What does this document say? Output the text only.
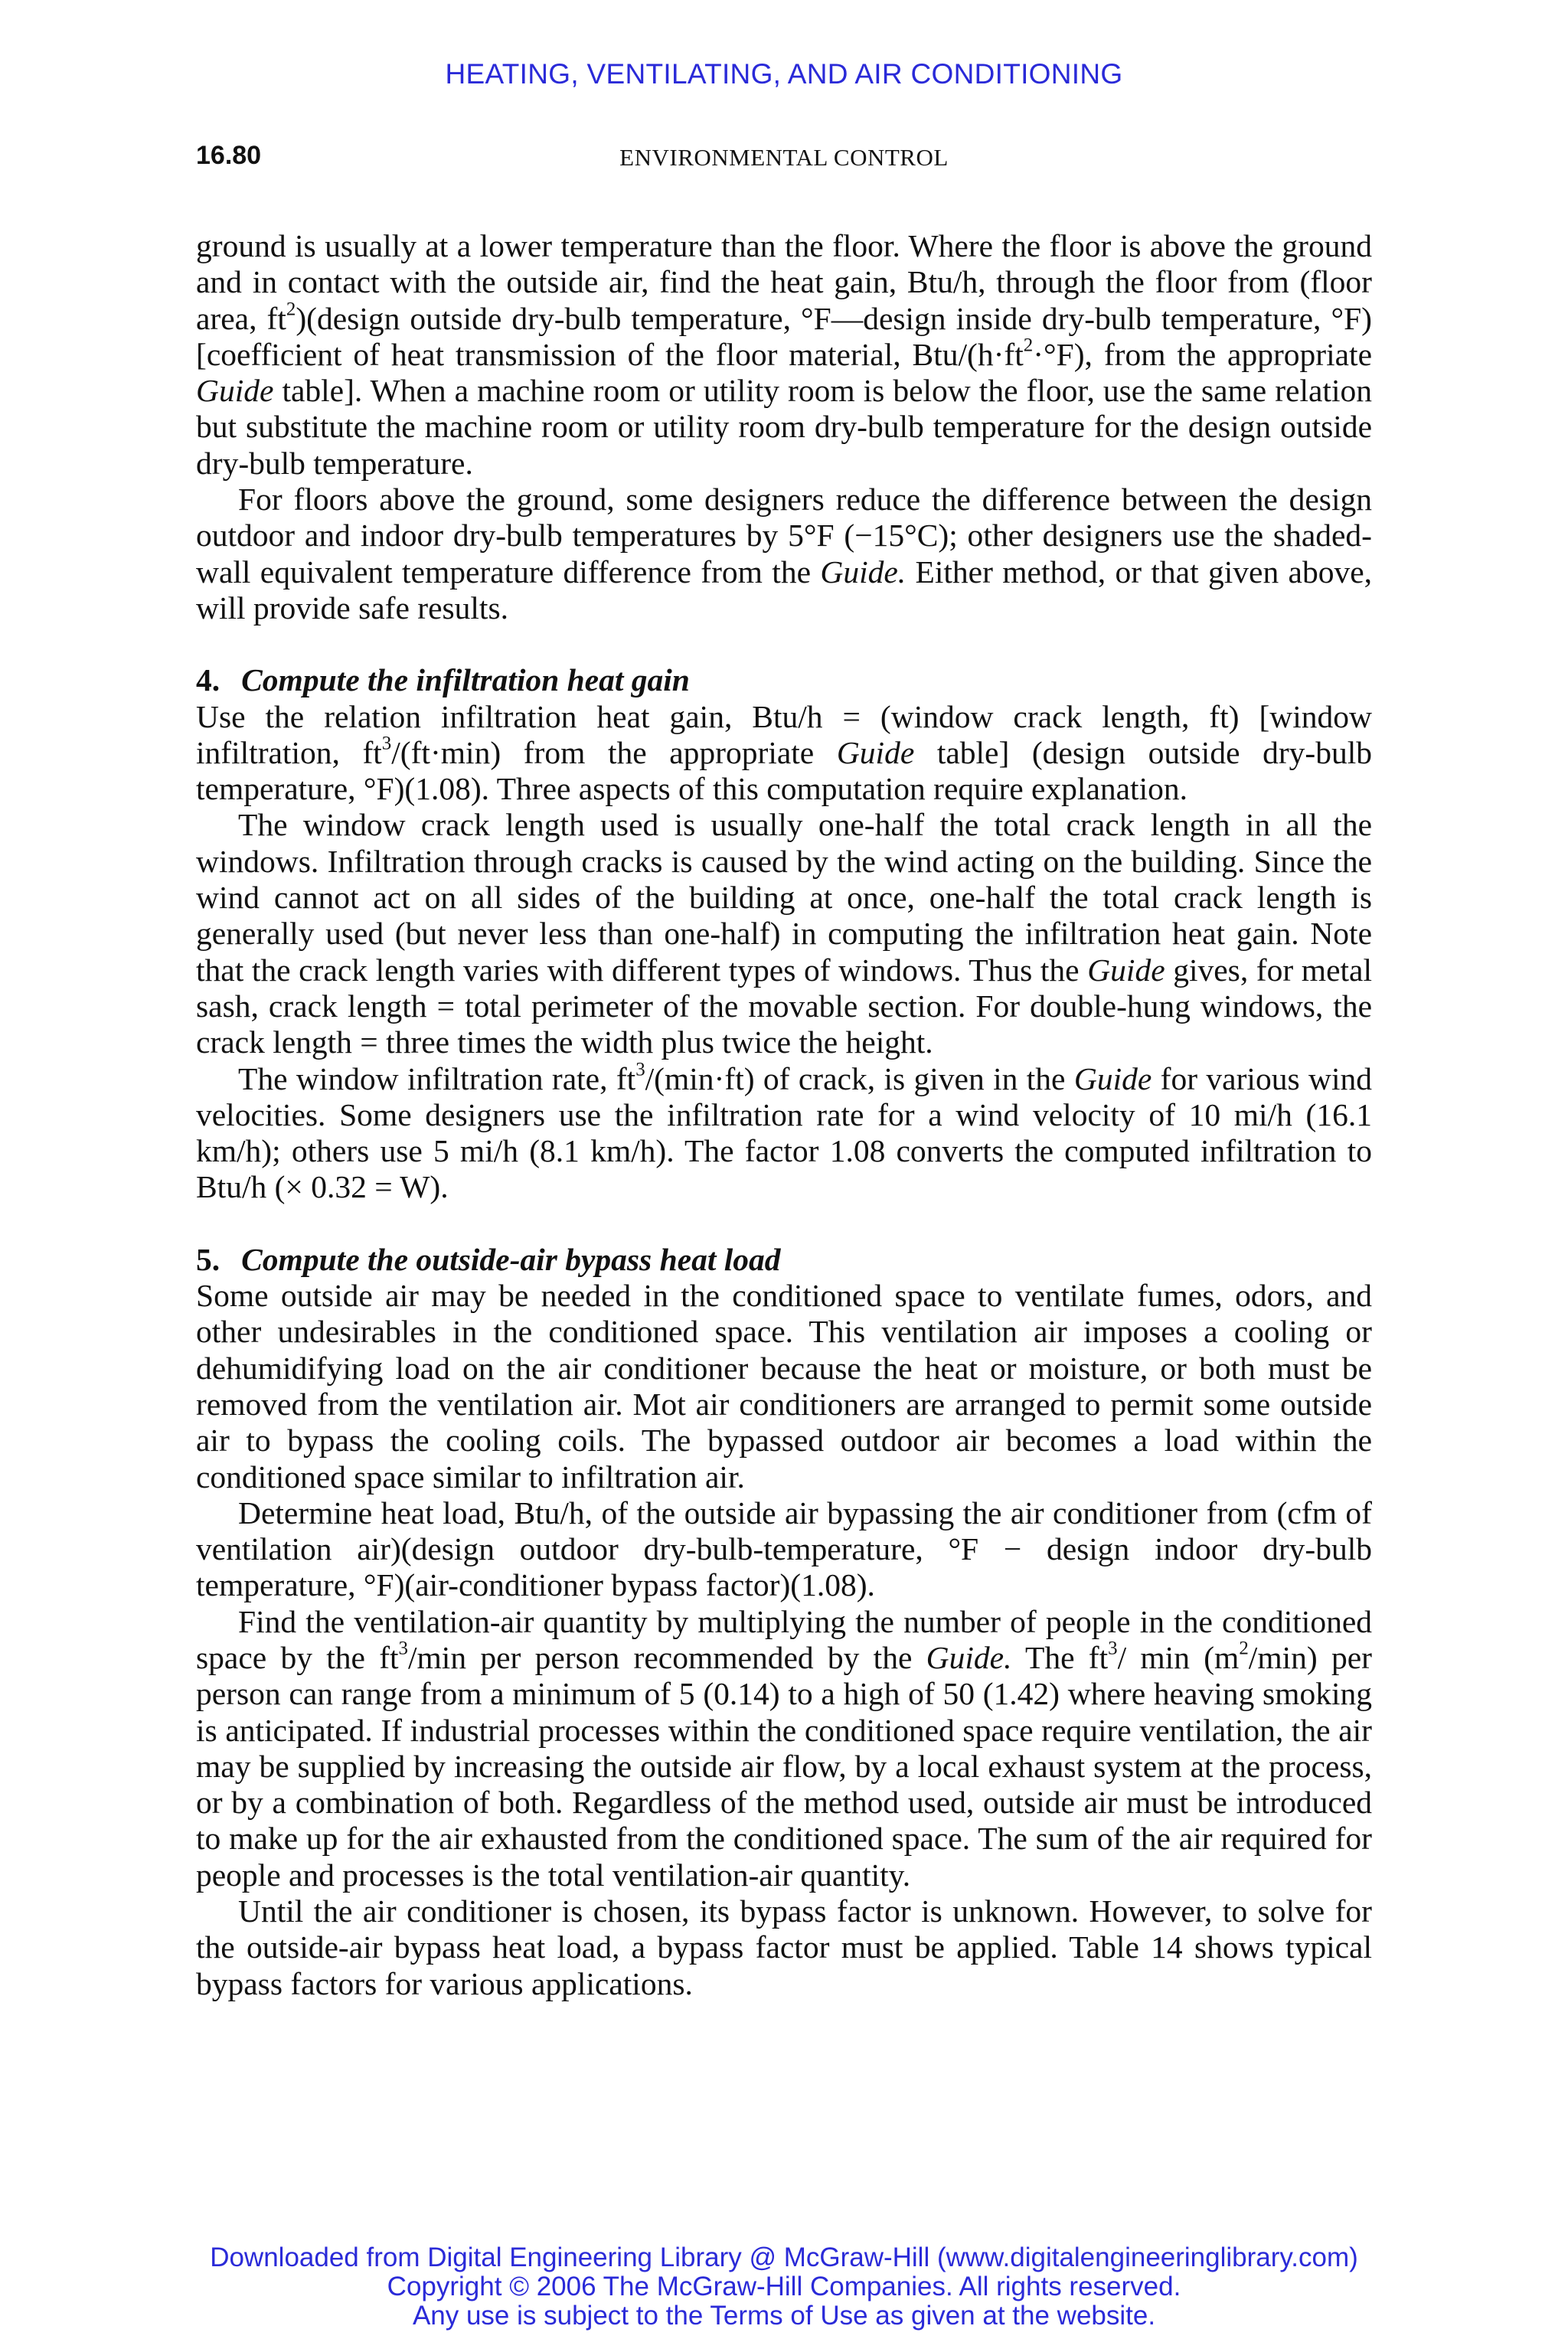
HEATING, VENTILATING, AND AIR CONDITIONING
16.80	ENVIRONMENTAL CONTROL

ground is usually at a lower temperature than the floor. Where the floor is above the ground and in contact with the outside air, find the heat gain, Btu/h, through the floor from (floor area, $ft^2)(design$ outside dry-bulb temperature, °F—design inside dry-bulb temperature, °F) [coefficient of heat transmission of the floor material, Btu/$(h\cdot ft^2\cdot^\circ F)$, from the appropriate Guide table]. When a machine room or utility room is below the floor, use the same relation but substitute the machine room or utility room dry-bulb temperature for the design outside dry-bulb temperature.

For floors above the ground, some designers reduce the difference between the design outdoor and indoor dry-bulb temperatures by 5°F (−15°C); other designers use the shaded-wall equivalent temperature difference from the Guide. Either method, or that given above, will provide safe results.

4. Compute the infiltration heat gain

Use the relation infiltration heat gain, Btu/h = (window crack length, ft) [window infiltration, $ft^3/(ft\cdot\min)$ from the appropriate Guide table] (design outside dry-bulb temperature, °F)(1.08). Three aspects of this computation require explanation.

The window crack length used is usually one-half the total crack length in all the windows. Infiltration through cracks is caused by the wind acting on the building. Since the wind cannot act on all sides of the building at once, one-half the total crack length is generally used (but never less than one-half) in computing the infiltration heat gain. Note that the crack length varies with different types of windows. Thus the Guide gives, for metal sash, crack length = total perimeter of the movable section. For double-hung windows, the crack length = three times the width plus twice the height.

The window infiltration rate, $ft^3/(\min\cdot ft)$ of crack, is given in the Guide for various wind velocities. Some designers use the infiltration rate for a wind velocity of 10 mi/h (16.1 km/h); others use 5 mi/h (8.1 km/h). The factor 1.08 converts the computed infiltration to Btu/h (× 0.32 = W).

5. Compute the outside-air bypass heat load

Some outside air may be needed in the conditioned space to ventilate fumes, odors, and other undesirables in the conditioned space. This ventilation air imposes a cooling or dehumidifying load on the air conditioner because the heat or moisture, or both must be removed from the ventilation air. Mot air conditioners are arranged to permit some outside air to bypass the cooling coils. The bypassed outdoor air becomes a load within the conditioned space similar to infiltration air.

Determine heat load, Btu/h, of the outside air bypassing the air conditioner from (cfm of ventilation air)(design outdoor dry-bulb-temperature, °F − design indoor dry-bulb temperature, °F)(air-conditioner bypass factor)(1.08).

Find the ventilation-air quantity by multiplying the number of people in the conditioned space by the $ft^3/\min$ per person recommended by the Guide. The $ft^3/$ $\min (m^2/\min)$ per person can range from a minimum of 5 (0.14) to a high of 50 (1.42) where heaving smoking is anticipated. If industrial processes within the conditioned space require ventilation, the air may be supplied by increasing the outside air flow, by a local exhaust system at the process, or by a combination of both. Regardless of the method used, outside air must be introduced to make up for the air exhausted from the conditioned space. The sum of the air required for people and processes is the total ventilation-air quantity.

Until the air conditioner is chosen, its bypass factor is unknown. However, to solve for the outside-air bypass heat load, a bypass factor must be applied. Table 14 shows typical bypass factors for various applications.

Downloaded from Digital Engineering Library @ McGraw-Hill (www.digitalengineeringlibrary.com)
Copyright © 2006 The McGraw-Hill Companies. All rights reserved.
Any use is subject to the Terms of Use as given at the website.
